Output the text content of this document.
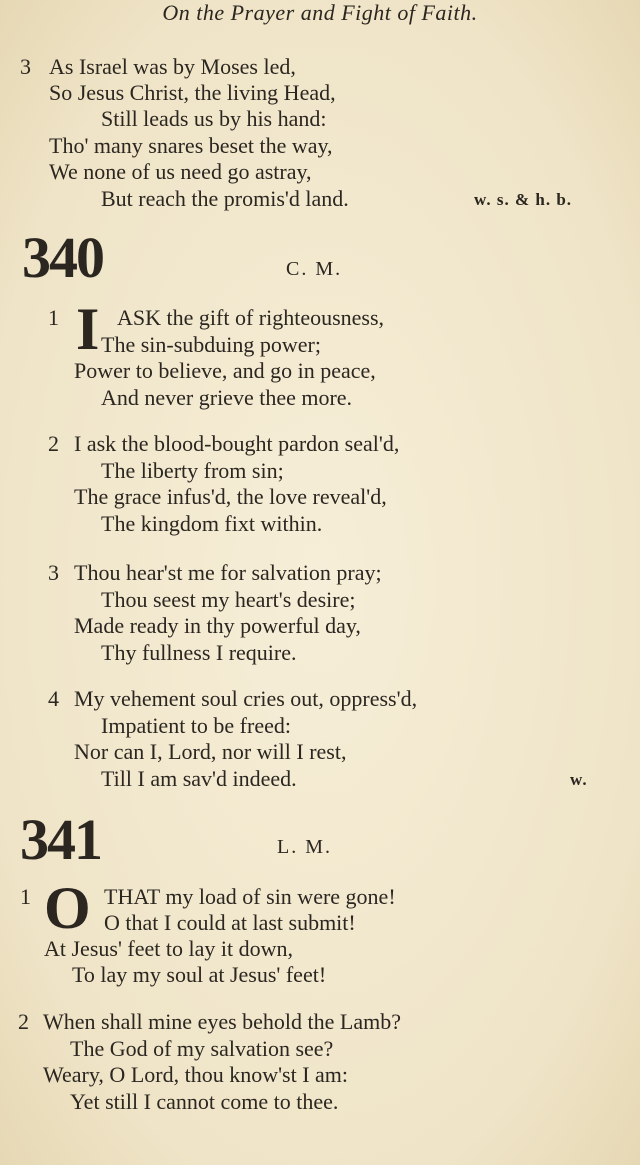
On the Prayer and Fight of Faith.
3 As Israel was by Moses led,
So Jesus Christ, the living Head,
Still leads us by his hand:
Tho' many snares beset the way,
We none of us need go astray,
But reach the promis'd land.	w. s. & h. b.
340	C. M.
1 I ASK the gift of righteousness,
The sin-subduing power;
Power to believe, and go in peace,
And never grieve thee more.
2 I ask the blood-bought pardon seal'd,
The liberty from sin;
The grace infus'd, the love reveal'd,
The kingdom fixt within.
3 Thou hear'st me for salvation pray;
Thou seest my heart's desire;
Made ready in thy powerful day,
Thy fullness I require.
4 My vehement soul cries out, oppress'd,
Impatient to be freed:
Nor can I, Lord, nor will I rest,
Till I am sav'd indeed.	w.
341	L. M.
1 O THAT my load of sin were gone!
O that I could at last submit!
At Jesus' feet to lay it down,
To lay my soul at Jesus' feet!
2 When shall mine eyes behold the Lamb?
The God of my salvation see?
Weary, O Lord, thou know'st I am:
Yet still I cannot come to thee.
